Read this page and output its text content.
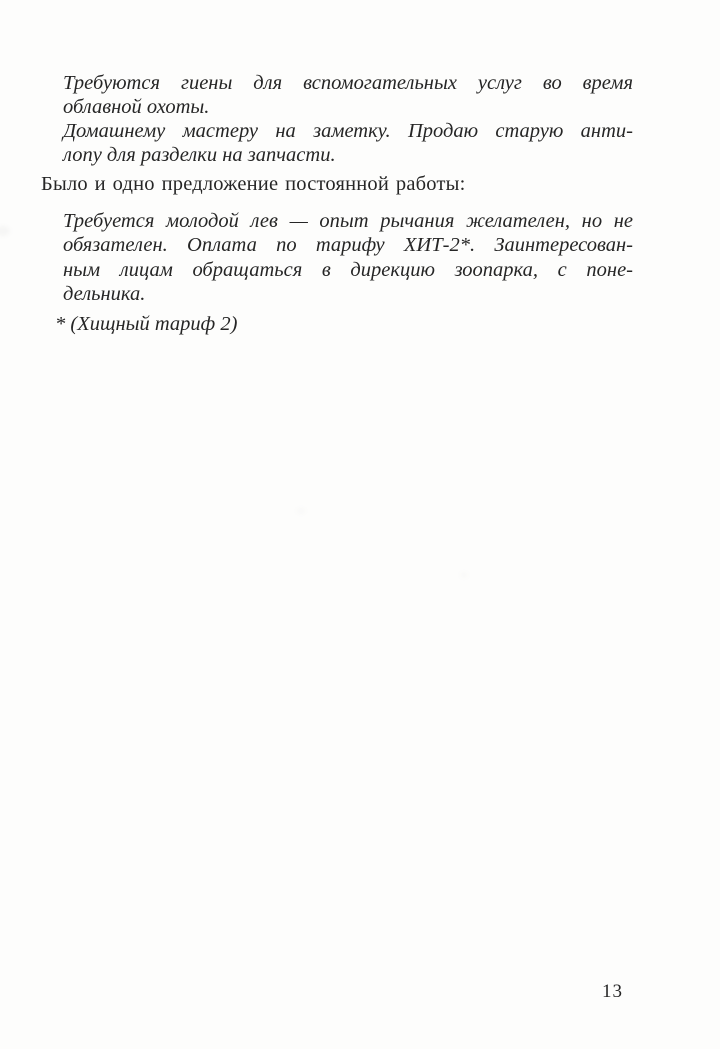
Требуются гиены для вспомогательных услуг во время
облавной охоты.
Домашнему мастеру на заметку. Продаю старую анти-
лопу для разделки на запчасти.
Было и одно предложение постоянной работы:
Требуется молодой лев — опыт рычания желателен, но не
обязателен. Оплата по тарифу ХИТ-2*. Заинтересован-
ным лицам обращаться в дирекцию зоопарка, с поне-
дельника.
* (Хищный тариф 2)
13
